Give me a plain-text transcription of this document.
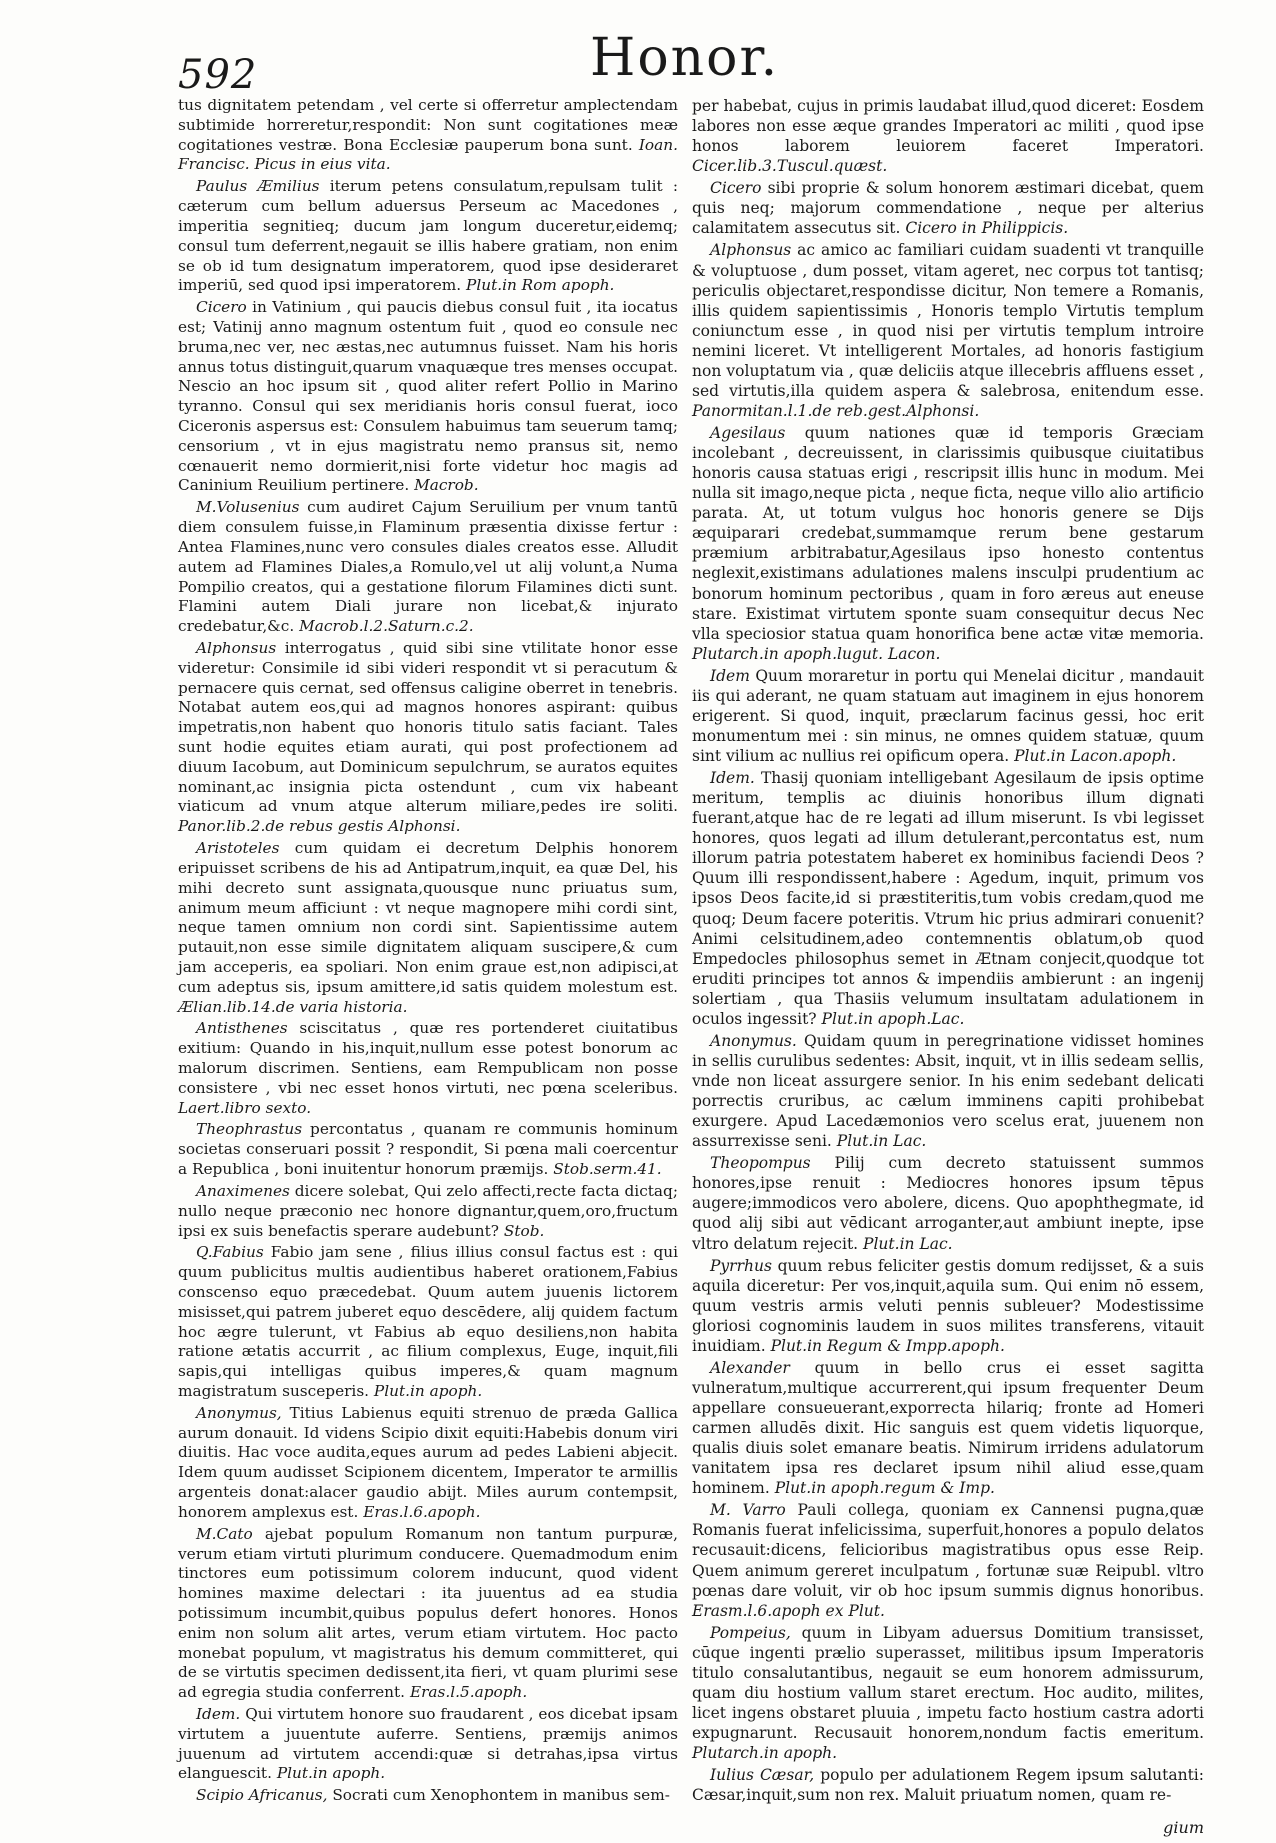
592	Honor.

tus dignitatem petendam , vel certe si offerretur amplectendam subtimide horreretur,respondit: Non sunt cogitationes meæ cogitationes vestræ. Bona Ecclesiæ pauperum bona sunt. Ioan. Francisc. Picus in eius vita.

Paulus Æmilius iterum petens consulatum,repulsam tulit : cæterum cum bellum aduersus Perseum ac Macedones , imperitia segnitieq; ducum jam longum duceretur,eidemq; consul tum deferrent,negauit se illis habere gratiam, non enim se ob id tum designatum imperatorem, quod ipse desideraret imperiū, sed quod ipsi imperatorem. Plut.in Rom apoph.

Cicero in Vatinium , qui paucis diebus consul fuit , ita iocatus est; Vatinij anno magnum ostentum fuit , quod eo consule nec bruma,nec ver, nec æstas,nec autumnus fuisset. Nam his horis annus totus distinguit,quarum vnaquæque tres menses occupat. Nescio an hoc ipsum sit , quod aliter refert Pollio in Marino tyranno. Consul qui sex meridianis horis consul fuerat, ioco Ciceronis aspersus est: Consulem habuimus tam seuerum tamq; censorium , vt in ejus magistratu nemo pransus sit, nemo cœnauerit nemo dormierit,nisi forte videtur hoc magis ad Caninium Reuilium pertinere. Macrob.

M.Volusenius cum audiret Cajum Seruilium per vnum tantū diem consulem fuisse,in Flaminum præsentia dixisse fertur : Antea Flamines,nunc vero consules diales creatos esse. Alludit autem ad Flamines Diales,a Romulo,vel ut alij volunt,a Numa Pompilio creatos, qui a gestatione filorum Filamines dicti sunt. Flamini autem Diali jurare non licebat,& injurato credebatur,&c. Macrob.l.2.Saturn.c.2.

Alphonsus interrogatus , quid sibi sine vtilitate honor esse videretur: Consimile id sibi videri respondit vt si peracutum & pernacere quis cernat, sed offensus caligine oberret in tenebris. Notabat autem eos,qui ad magnos honores aspirant: quibus impetratis,non habent quo honoris titulo satis faciant. Tales sunt hodie equites etiam aurati, qui post profectionem ad diuum Iacobum, aut Dominicum sepulchrum, se auratos equites nominant,ac insignia picta ostendunt , cum vix habeant viaticum ad vnum atque alterum miliare,pedes ire soliti. Panor.lib.2.de rebus gestis Alphonsi.

Aristoteles cum quidam ei decretum Delphis honorem eripuisset scribens de his ad Antipatrum,inquit, ea quæ Del, his mihi decreto sunt assignata,quousque nunc priuatus sum, animum meum afficiunt : vt neque magnopere mihi cordi sint, neque tamen omnium non cordi sint. Sapientissime autem putauit,non esse simile dignitatem aliquam suscipere,& cum jam acceperis, ea spoliari. Non enim graue est,non adipisci,at cum adeptus sis, ipsum amittere,id satis quidem molestum est. Ælian.lib.14.de varia historia.

Antisthenes sciscitatus , quæ res portenderet ciuitatibus exitium: Quando in his,inquit,nullum esse potest bonorum ac malorum discrimen. Sentiens, eam Rempublicam non posse consistere , vbi nec esset honos virtuti, nec pœna sceleribus. Laert.libro sexto.

Theophrastus percontatus , quanam re communis hominum societas conseruari possit ? respondit, Si pœna mali coercentur a Republica , boni inuitentur honorum præmijs. Stob.serm.41.

Anaximenes dicere solebat, Qui zelo affecti,recte facta dictaq; nullo neque præconio nec honore dignantur,quem,oro,fructum ipsi ex suis benefactis sperare audebunt? Stob.

Q.Fabius Fabio jam sene , filius illius consul factus est : qui quum publicitus multis audientibus haberet orationem,Fabius conscenso equo præcedebat. Quum autem juuenis lictorem misisset,qui patrem juberet equo descēdere, alij quidem factum hoc ægre tulerunt, vt Fabius ab equo desiliens,non habita ratione ætatis accurrit , ac filium complexus, Euge, inquit,fili sapis,qui intelligas quibus imperes,& quam magnum magistratum susceperis. Plut.in apoph.

Anonymus, Titius Labienus equiti strenuo de præda Gallica aurum donauit. Id videns Scipio dixit equiti:Habebis donum viri diuitis. Hac voce audita,eques aurum ad pedes Labieni abjecit. Idem quum audisset Scipionem dicentem, Imperator te armillis argenteis donat:alacer gaudio abijt. Miles aurum contempsit, honorem amplexus est. Eras.l.6.apoph.

M.Cato ajebat populum Romanum non tantum purpuræ, verum etiam virtuti plurimum conducere. Quemadmodum enim tinctores eum potissimum colorem inducunt, quod vident homines maxime delectari : ita juuentus ad ea studia potissimum incumbit,quibus populus defert honores. Honos enim non solum alit artes, verum etiam virtutem. Hoc pacto monebat populum, vt magistratus his demum committeret, qui de se virtutis specimen dedissent,ita fieri, vt quam plurimi sese ad egregia studia conferrent. Eras.l.5.apoph.

Idem. Qui virtutem honore suo fraudarent , eos dicebat ipsam virtutem a juuentute auferre. Sentiens, præmijs animos juuenum ad virtutem accendi:quæ si detrahas,ipsa virtus elanguescit. Plut.in apoph.

Scipio Africanus, Socrati cum Xenophontem in manibus sem-

per habebat, cujus in primis laudabat illud,quod diceret: Eosdem labores non esse æque grandes Imperatori ac militi , quod ipse honos laborem leuiorem faceret Imperatori. Cicer.lib.3.Tuscul.quæst.

Cicero sibi proprie & solum honorem æstimari dicebat, quem quis neq; majorum commendatione , neque per alterius calamitatem assecutus sit. Cicero in Philippicis.

Alphonsus ac amico ac familiari cuidam suadenti vt tranquille & voluptuose , dum posset, vitam ageret, nec corpus tot tantisq; periculis objectaret,respondisse dicitur, Non temere a Romanis, illis quidem sapientissimis , Honoris templo Virtutis templum coniunctum esse , in quod nisi per virtutis templum introire nemini liceret. Vt intelligerent Mortales, ad honoris fastigium non voluptatum via , quæ deliciis atque illecebris affluens esset , sed virtutis,illa quidem aspera & salebrosa, enitendum esse. Panormitan.l.1.de reb.gest.Alphonsi.

Agesilaus quum nationes quæ id temporis Græciam incolebant , decreuissent, in clarissimis quibusque ciuitatibus honoris causa statuas erigi , rescripsit illis hunc in modum. Mei nulla sit imago,neque picta , neque ficta, neque villo alio artificio parata. At, ut totum vulgus hoc honoris genere se Dijs æquiparari credebat,summamque rerum bene gestarum præmium arbitrabatur,Agesilaus ipso honesto contentus neglexit,existimans adulationes malens insculpi prudentium ac bonorum hominum pectoribus , quam in foro æreus aut eneuse stare. Existimat virtutem sponte suam consequitur decus Nec vlla speciosior statua quam honorifica bene actæ vitæ memoria. Plutarch.in apoph.lugut. Lacon.

Idem Quum moraretur in portu qui Menelai dicitur , mandauit iis qui aderant, ne quam statuam aut imaginem in ejus honorem erigerent. Si quod, inquit, præclarum facinus gessi, hoc erit monumentum mei : sin minus, ne omnes quidem statuæ, quum sint vilium ac nullius rei opificum opera. Plut.in Lacon.apoph.

Idem. Thasij quoniam intelligebant Agesilaum de ipsis optime meritum, templis ac diuinis honoribus illum dignati fuerant,atque hac de re legati ad illum miserunt. Is vbi legisset honores, quos legati ad illum detulerant,percontatus est, num illorum patria potestatem haberet ex hominibus faciendi Deos ? Quum illi respondissent,habere : Agedum, inquit, primum vos ipsos Deos facite,id si præstiteritis,tum vobis credam,quod me quoq; Deum facere poteritis. Vtrum hic prius admirari conuenit? Animi celsitudinem,adeo contemnentis oblatum,ob quod Empedocles philosophus semet in Ætnam conjecit,quodque tot eruditi principes tot annos & impendiis ambierunt : an ingenij solertiam , qua Thasiis velumum insultatam adulationem in oculos ingessit? Plut.in apoph.Lac.

Anonymus. Quidam quum in peregrinatione vidisset homines in sellis curulibus sedentes: Absit, inquit, vt in illis sedeam sellis, vnde non liceat assurgere senior. In his enim sedebant delicati porrectis cruribus, ac cælum imminens capiti prohibebat exurgere. Apud Lacedæmonios vero scelus erat, juuenem non assurrexisse seni. Plut.in Lac.

Theopompus Pilij cum decreto statuissent summos honores,ipse renuit : Mediocres honores ipsum tēpus augere;immodicos vero abolere, dicens. Quo apophthegmate, id quod alij sibi aut vēdicant arroganter,aut ambiunt inepte, ipse vltro delatum rejecit. Plut.in Lac.

Pyrrhus quum rebus feliciter gestis domum redijsset, & a suis aquila diceretur: Per vos,inquit,aquila sum. Qui enim nō essem, quum vestris armis veluti pennis subleuer? Modestissime gloriosi cognominis laudem in suos milites transferens, vitauit inuidiam. Plut.in Regum & Impp.apoph.

Alexander quum in bello crus ei esset sagitta vulneratum,multique accurrerent,qui ipsum frequenter Deum appellare consueuerant,exporrecta hilariq; fronte ad Homeri carmen alludēs dixit. Hic sanguis est quem videtis liquorque, qualis diuis solet emanare beatis. Nimirum irridens adulatorum vanitatem ipsa res declaret ipsum nihil aliud esse,quam hominem. Plut.in apoph.regum & Imp.

M. Varro Pauli collega, quoniam ex Cannensi pugna,quæ Romanis fuerat infelicissima, superfuit,honores a populo delatos recusauit:dicens, felicioribus magistratibus opus esse Reip. Quem animum gereret inculpatum , fortunæ suæ Reipubl. vltro pœnas dare voluit, vir ob hoc ipsum summis dignus honoribus. Erasm.l.6.apoph ex Plut.

Pompeius, quum in Libyam aduersus Domitium transisset, cūque ingenti prælio superasset, militibus ipsum Imperatoris titulo consalutantibus, negauit se eum honorem admissurum, quam diu hostium vallum staret erectum. Hoc audito, milites, licet ingens obstaret pluuia , impetu facto hostium castra adorti expugnarunt. Recusauit honorem,nondum factis emeritum. Plutarch.in apoph.

Iulius Cæsar, populo per adulationem Regem ipsum salutanti: Cæsar,inquit,sum non rex. Maluit priuatum nomen, quam re-

gium
